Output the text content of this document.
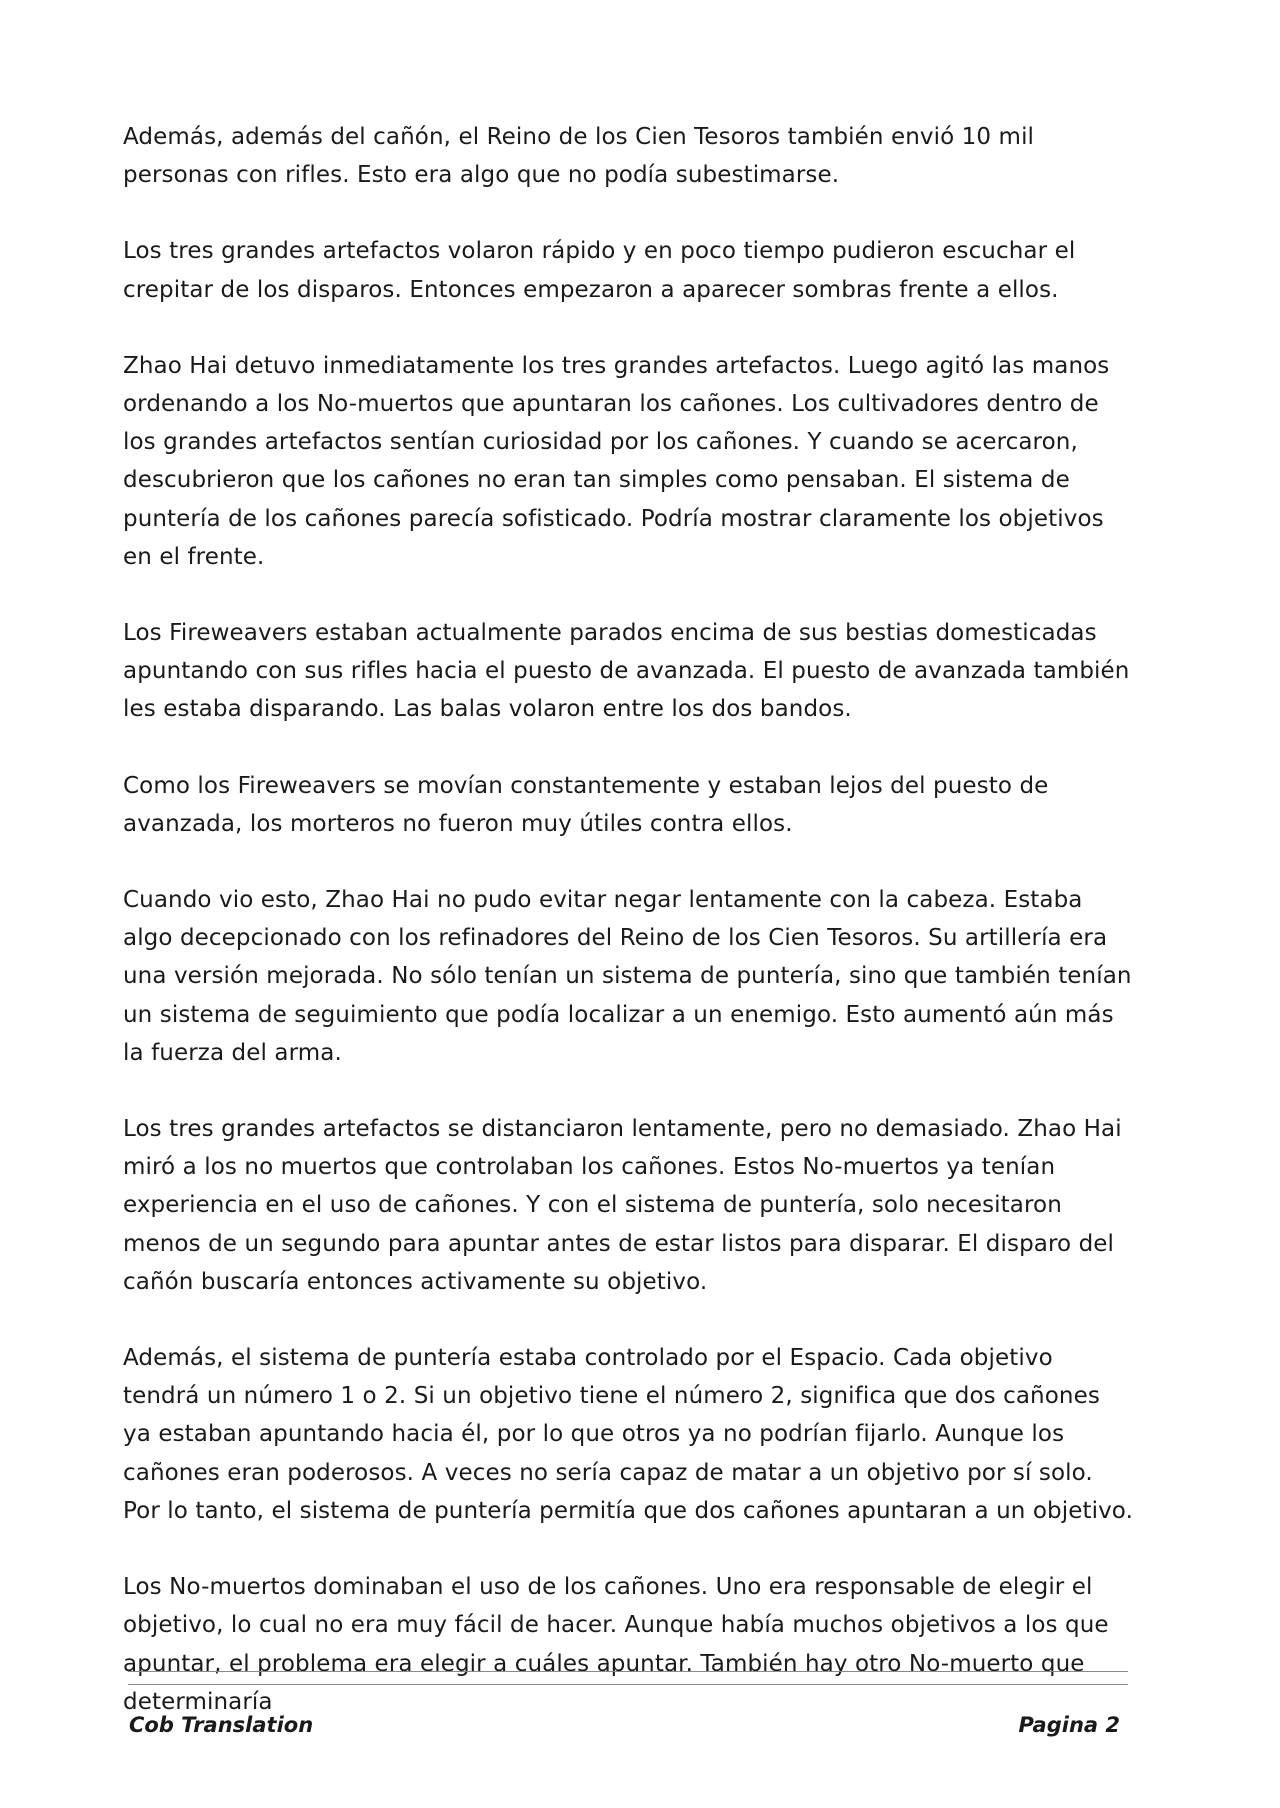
Además, además del cañón, el Reino de los Cien Tesoros también envió 10 mil personas con rifles. Esto era algo que no podía subestimarse.

Los tres grandes artefactos volaron rápido y en poco tiempo pudieron escuchar el crepitar de los disparos. Entonces empezaron a aparecer sombras frente a ellos.

Zhao Hai detuvo inmediatamente los tres grandes artefactos. Luego agitó las manos ordenando a los No-muertos que apuntaran los cañones. Los cultivadores dentro de los grandes artefactos sentían curiosidad por los cañones. Y cuando se acercaron, descubrieron que los cañones no eran tan simples como pensaban. El sistema de puntería de los cañones parecía sofisticado. Podría mostrar claramente los objetivos en el frente.

Los Fireweavers estaban actualmente parados encima de sus bestias domesticadas apuntando con sus rifles hacia el puesto de avanzada. El puesto de avanzada también les estaba disparando. Las balas volaron entre los dos bandos.

Como los Fireweavers se movían constantemente y estaban lejos del puesto de avanzada, los morteros no fueron muy útiles contra ellos.

Cuando vio esto, Zhao Hai no pudo evitar negar lentamente con la cabeza. Estaba algo decepcionado con los refinadores del Reino de los Cien Tesoros. Su artillería era una versión mejorada. No sólo tenían un sistema de puntería, sino que también tenían un sistema de seguimiento que podía localizar a un enemigo. Esto aumentó aún más la fuerza del arma.

Los tres grandes artefactos se distanciaron lentamente, pero no demasiado. Zhao Hai miró a los no muertos que controlaban los cañones. Estos No-muertos ya tenían experiencia en el uso de cañones. Y con el sistema de puntería, solo necesitaron menos de un segundo para apuntar antes de estar listos para disparar. El disparo del cañón buscaría entonces activamente su objetivo.

Además, el sistema de puntería estaba controlado por el Espacio. Cada objetivo tendrá un número 1 o 2. Si un objetivo tiene el número 2, significa que dos cañones ya estaban apuntando hacia él, por lo que otros ya no podrían fijarlo. Aunque los cañones eran poderosos. A veces no sería capaz de matar a un objetivo por sí solo. Por lo tanto, el sistema de puntería permitía que dos cañones apuntaran a un objetivo.

Los No-muertos dominaban el uso de los cañones. Uno era responsable de elegir el objetivo, lo cual no era muy fácil de hacer. Aunque había muchos objetivos a los que apuntar, el problema era elegir a cuáles apuntar. También hay otro No-muerto que determinaría

Cob Translation	Pagina 2
